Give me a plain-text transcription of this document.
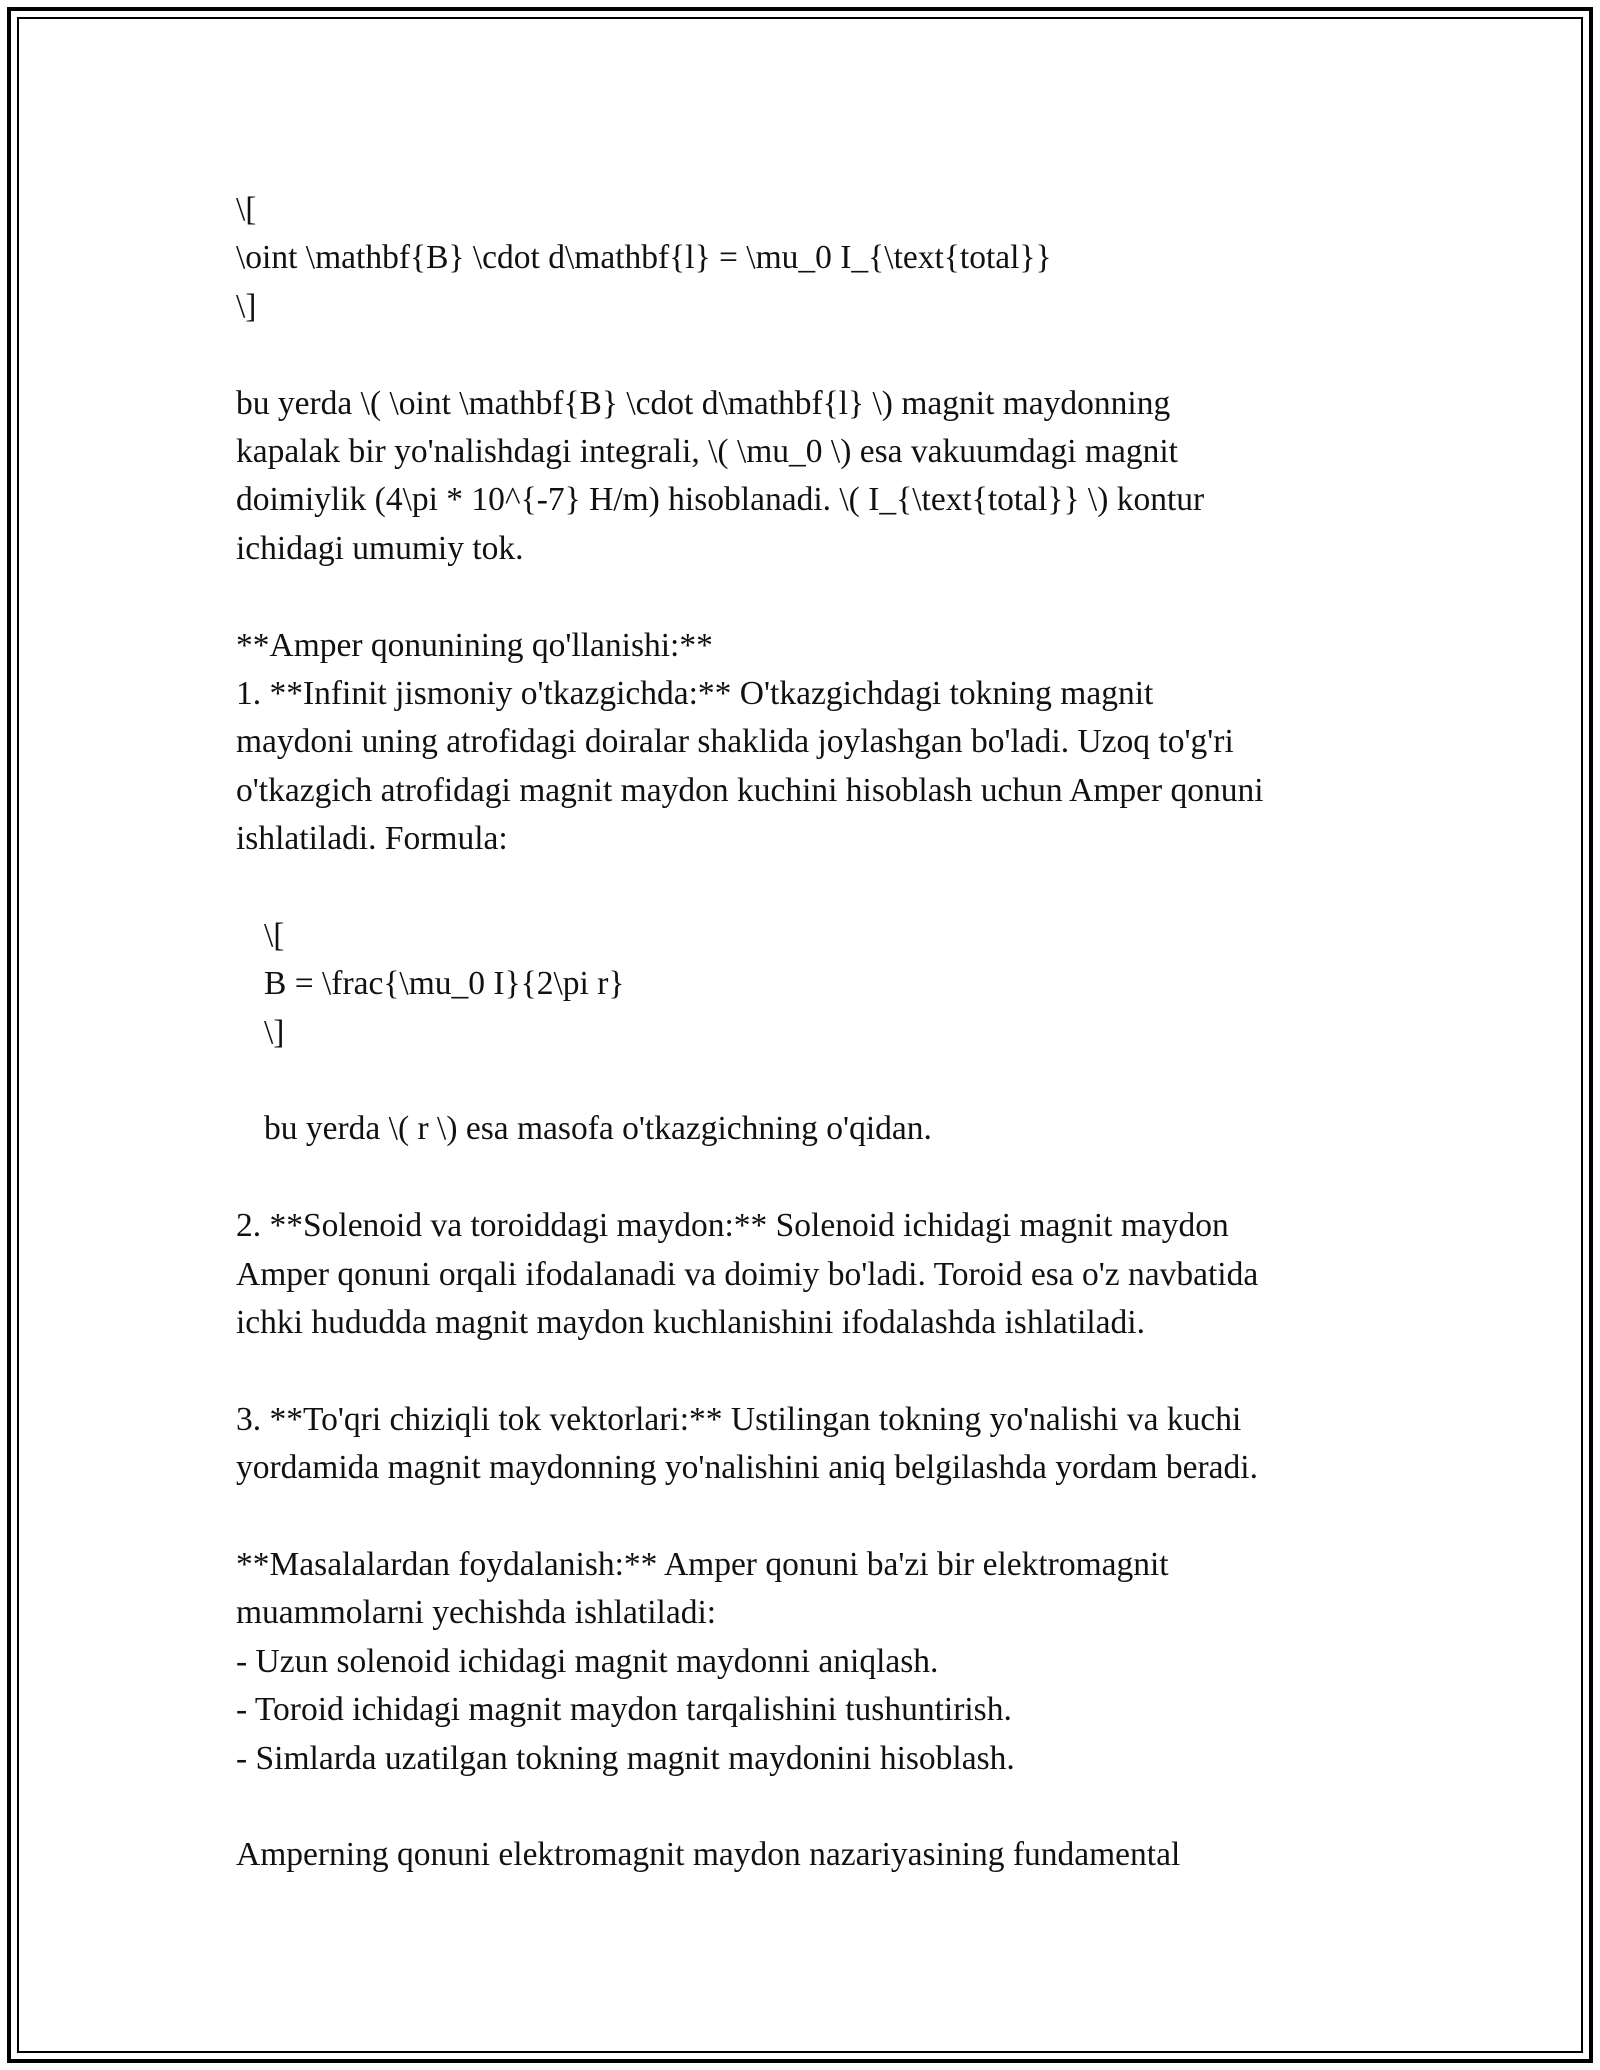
\[
\oint \mathbf{B} \cdot d\mathbf{l} = \mu_0 I_{\text{total}}
\]
bu yerda \( \oint \mathbf{B} \cdot d\mathbf{l} \) magnit maydonning
kapalak bir yo'nalishdagi integrali, \( \mu_0 \) esa vakuumdagi magnit
doimiylik (4\pi * 10^{-7} H/m) hisoblanadi. \( I_{\text{total}} \) kontur
ichidagi umumiy tok.
**Amper qonunining qo'llanishi:**
1. **Infinit jismoniy o'tkazgichda:** O'tkazgichdagi tokning magnit
maydoni uning atrofidagi doiralar shaklida joylashgan bo'ladi. Uzoq to'g'ri
o'tkazgich atrofidagi magnit maydon kuchini hisoblash uchun Amper qonuni
ishlatiladi. Formula:
\[
B = \frac{\mu_0 I}{2\pi r}
\]
bu yerda \( r \) esa masofa o'tkazgichning o'qidan.
2. **Solenoid va toroiddagi maydon:** Solenoid ichidagi magnit maydon
Amper qonuni orqali ifodalanadi va doimiy bo'ladi. Toroid esa o'z navbatida
ichki hududda magnit maydon kuchlanishini ifodalashda ishlatiladi.
3. **To'qri chiziqli tok vektorlari:** Ustilingan tokning yo'nalishi va kuchi
yordamida magnit maydonning yo'nalishini aniq belgilashda yordam beradi.
**Masalalardan foydalanish:** Amper qonuni ba'zi bir elektromagnit
muammolarni yechishda ishlatiladi:
- Uzun solenoid ichidagi magnit maydonni aniqlash.
- Toroid ichidagi magnit maydon tarqalishini tushuntirish.
- Simlarda uzatilgan tokning magnit maydonini hisoblash.
Amperning qonuni elektromagnit maydon nazariyasining fundamental
